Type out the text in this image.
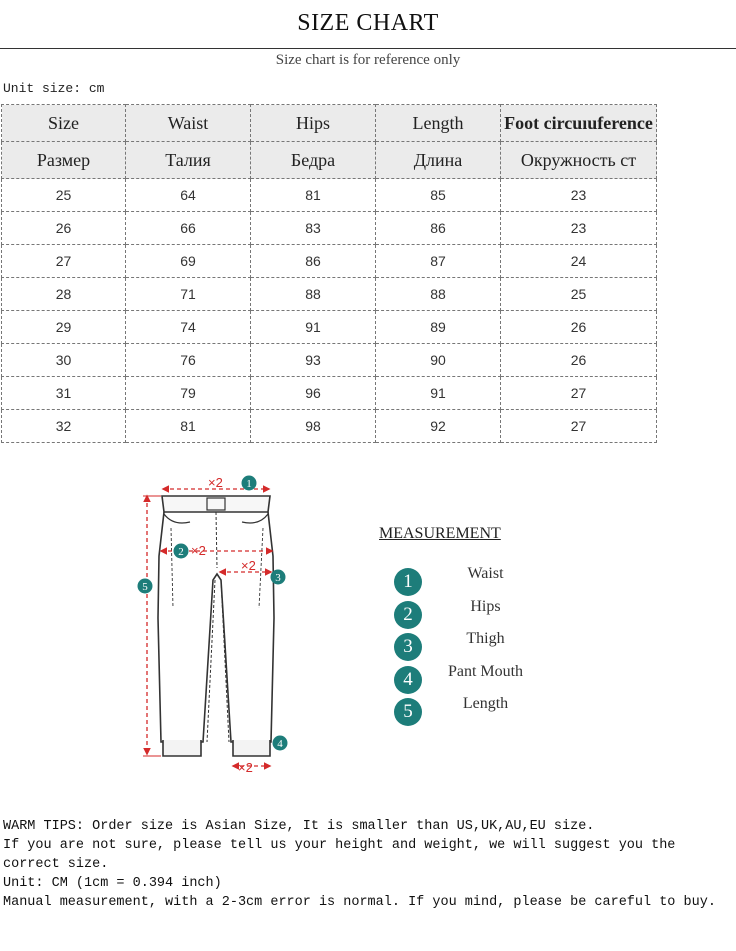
SIZE CHART
Size chart is for reference only
Unit size: cm
Size	Waist	Hips	Length	Foot circuıuference
Размер	Талия	Бедра	Длина	Окружность ст
25	64	81	85	23
26	66	83	86	23
27	69	86	87	24
28	71	88	88	25
29	74	91	89	26
30	76	93	90	26
31	79	96	91	27
32	81	98	92	27
×2
×2
×2
×2
1
2
3
4
5
MEASUREMENT
1	Waist
2	Hips
3	Thigh
4	Pant Mouth
5	Length

WARM TIPS: Order size is Asian Size, It is smaller than US,UK,AU,EU size.

If you are not sure, please tell us your height and weight, we will suggest you the correct size.

Unit: CM (1cm = 0.394 inch)

Manual measurement, with a 2-3cm error is normal. If you mind, please be careful to buy.
